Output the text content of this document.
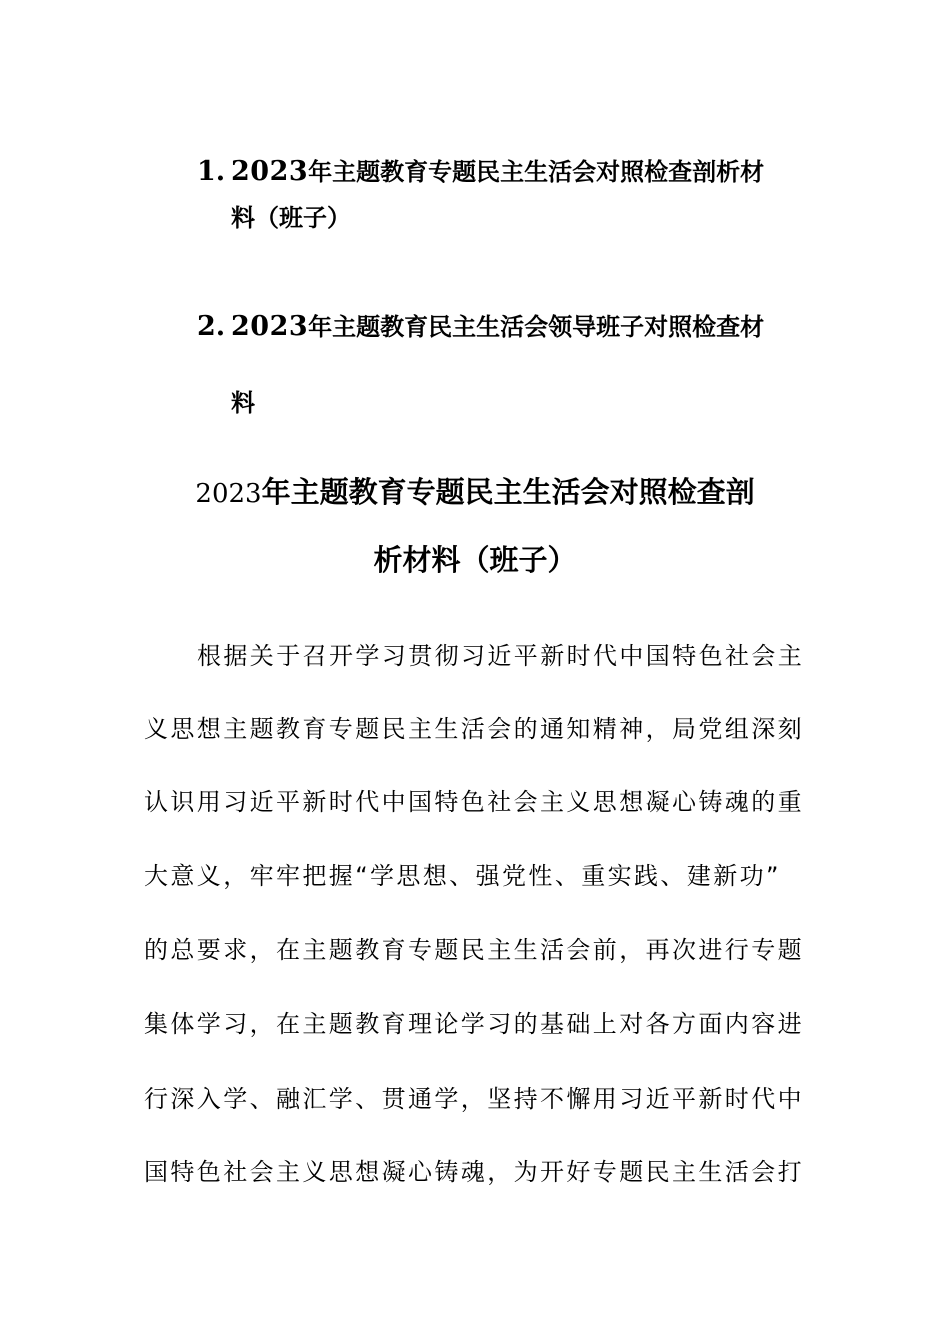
1. 2023年主题教育专题民主生活会对照检查剖析材
料（班子）
2. 2023年主题教育民主生活会领导班子对照检查材
料
2023年主题教育专题民主生活会对照检查剖
析材料（班子）
根据关于召开学习贯彻习近平新时代中国特色社会主
义思想主题教育专题民主生活会的通知精神，局党组深刻
认识用习近平新时代中国特色社会主义思想凝心铸魂的重
大意义，牢牢把握“学思想、强党性、重实践、建新功”
的总要求，在主题教育专题民主生活会前，再次进行专题
集体学习，在主题教育理论学习的基础上对各方面内容进
行深入学、融汇学、贯通学，坚持不懈用习近平新时代中
国特色社会主义思想凝心铸魂，为开好专题民主生活会打
